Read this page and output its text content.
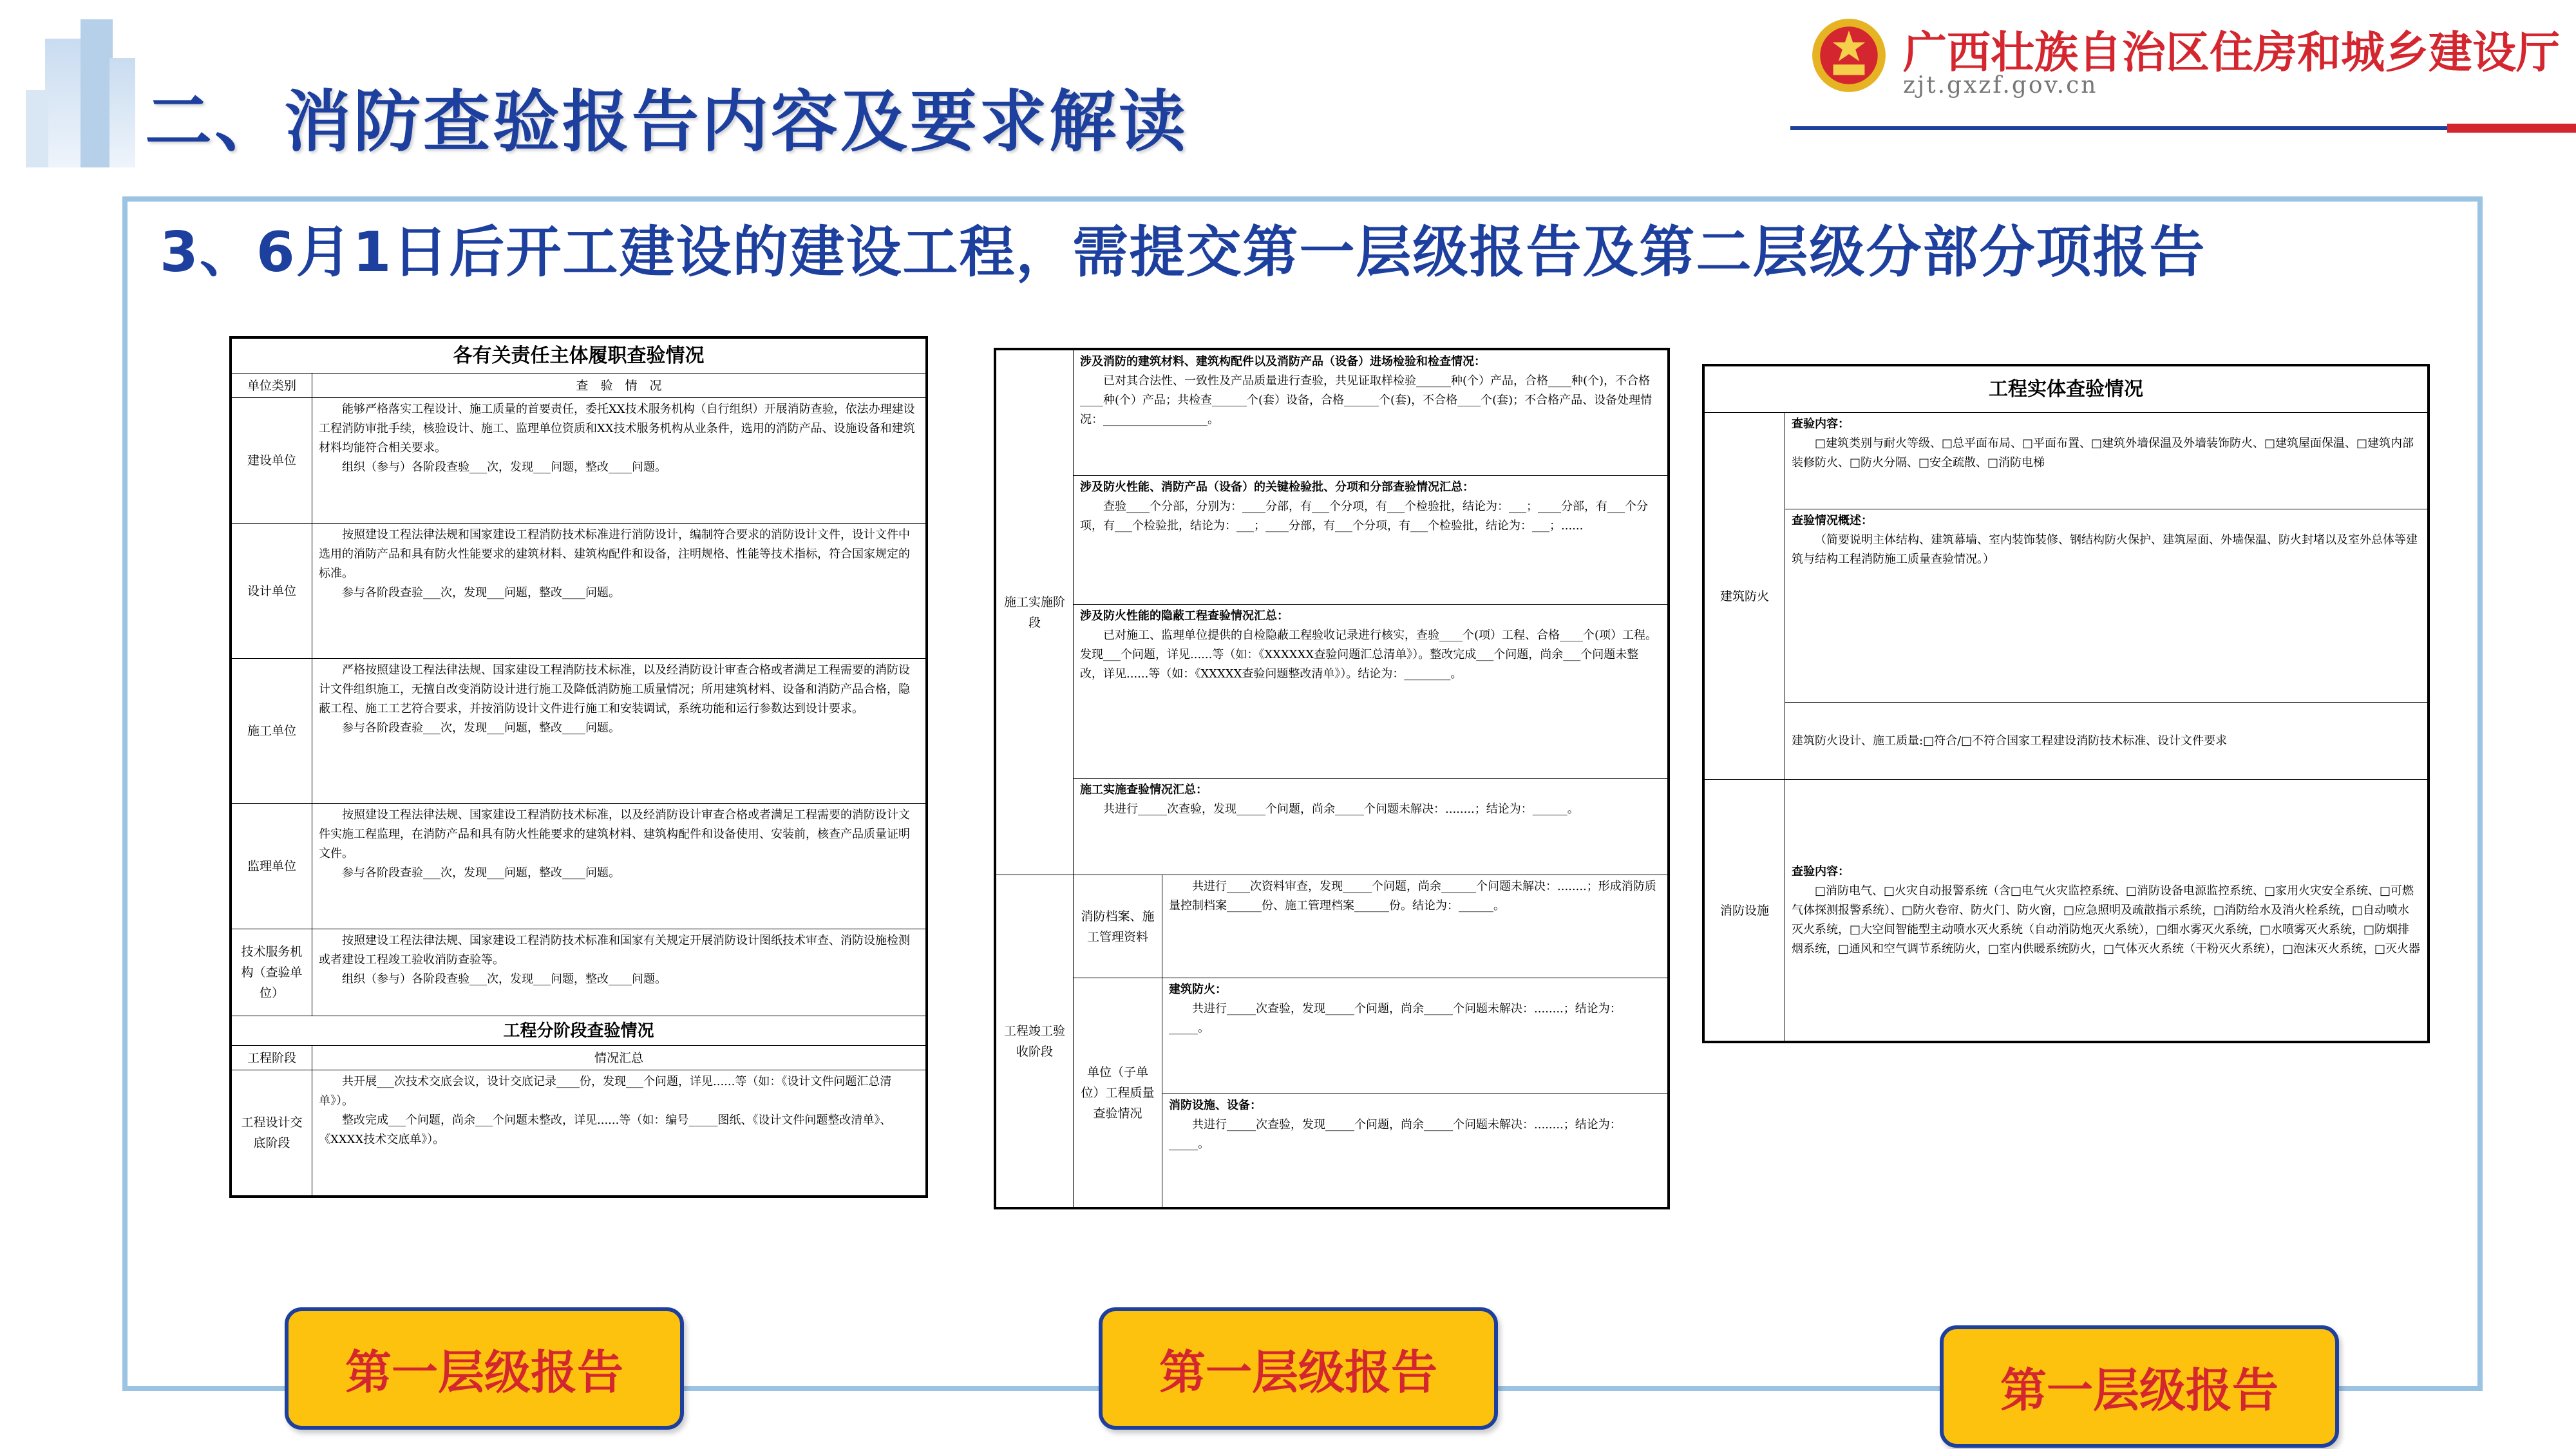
二、消防查验报告内容及要求解读
广西壮族自治区住房和城乡建设厅
zjt.gxzf.gov.cn
3、6月1日后开工建设的建设工程，需提交第一层级报告及第二层级分部分项报告
各有关责任主体履职查验情况	
单位类别	查　验　情　况
建设单位	能够严格落实工程设计、施工质量的首要责任，委托XX技术服务机构（自行组织）开展消防查验，依法办理建设工程消防审批手续，核验设计、施工、监理单位资质和XX技术服务机构从业条件，选用的消防产品、设施设备和建筑材料均能符合相关要求。

组织（参与）各阶段查验___次，发现___问题，整改____问题。

设计单位	按照建设工程法律法规和国家建设工程消防技术标准进行消防设计，编制符合要求的消防设计文件，设计文件中选用的消防产品和具有防火性能要求的建筑材料、建筑构配件和设备，注明规格、性能等技术指标，符合国家规定的标准。

参与各阶段查验___次，发现___问题，整改____问题。

施工单位	严格按照建设工程法律法规、国家建设工程消防技术标准，以及经消防设计审查合格或者满足工程需要的消防设计文件组织施工，无擅自改变消防设计进行施工及降低消防施工质量情况；所用建筑材料、设备和消防产品合格，隐蔽工程、施工工艺符合要求，并按消防设计文件进行施工和安装调试，系统功能和运行参数达到设计要求。

参与各阶段查验___次，发现___问题，整改____问题。

监理单位	按照建设工程法律法规、国家建设工程消防技术标准，以及经消防设计审查合格或者满足工程需要的消防设计文件实施工程监理，在消防产品和具有防火性能要求的建筑材料、建筑构配件和设备使用、安装前，核查产品质量证明文件。

参与各阶段查验___次，发现___问题，整改____问题。

技术服务机构（查验单位）	按照建设工程法律法规、国家建设工程消防技术标准和国家有关规定开展消防设计图纸技术审查、消防设施检测或者建设工程竣工验收消防查验等。

组织（参与）各阶段查验___次，发现___问题，整改____问题。

工程分阶段查验情况	
工程阶段	情况汇总
工程设计交底阶段	共开展___次技术交底会议，设计交底记录____份，发现___个问题，详见......等（如：《设计文件问题汇总清单》）。

整改完成___个问题，尚余___个问题未整改，详见......等（如：编号_____图纸、《设计文件问题整改清单》、《XXXX技术交底单》）。

施工实施阶段	涉及消防的建筑材料、建筑构配件以及消防产品（设备）进场检验和检查情况：

已对其合法性、一致性及产品质量进行查验，共见证取样检验______种(个）产品，合格____种(个)，不合格____种(个）产品；共检查______个(套）设备，合格______个(套)，不合格____个(套)；不合格产品、设备处理情况：__________________。	

	涉及防火性能、消防产品（设备）的关键检验批、分项和分部查验情况汇总：

查验____个分部，分别为：____分部，有___个分项，有___个检验批，结论为：___；____分部，有___个分项，有___个检验批，结论为：___；____分部，有___个分项，有___个检验批，结论为：___；......	

	涉及防火性能的隐蔽工程查验情况汇总：

已对施工、监理单位提供的自检隐蔽工程验收记录进行核实，查验____个(项）工程、合格____个(项）工程。发现___个问题，详见......等（如：《XXXXXX查验问题汇总清单》）。整改完成___个问题，尚余___个问题未整改，详见......等（如：《XXXXX查验问题整改清单》）。结论为：________。	

	施工实施查验情况汇总：

共进行_____次查验，发现_____个问题，尚余_____个问题未解决：........；结论为：______。	

工程竣工验收阶段	消防档案、施工管理资料	共进行____次资料审查，发现_____个问题，尚余______个问题未解决：........；形成消防质量控制档案______份、施工管理档案______份。结论为：______。

	单位（子单位）工程质量查验情况	建筑防火：

共进行_____次查验，发现_____个问题，尚余_____个问题未解决：........；结论为：_____。

		消防设施、设备：

共进行_____次查验，发现_____个问题，尚余_____个问题未解决：........；结论为：_____。

工程实体查验情况	
建筑防火	查验内容：

□建筑类别与耐火等级、□总平面布局、□平面布置、□建筑外墙保温及外墙装饰防火、□建筑屋面保温、□建筑内部装修防火、□防火分隔、□安全疏散、□消防电梯

	查验情况概述：

（简要说明主体结构、建筑幕墙、室内装饰装修、钢结构防火保护、建筑屋面、外墙保温、防火封堵以及室外总体等建筑与结构工程消防施工质量查验情况。）

	建筑防火设计、施工质量:□符合/□不符合国家工程建设消防技术标准、设计文件要求
消防设施	查验内容：

□消防电气、□火灾自动报警系统（含□电气火灾监控系统、□消防设备电源监控系统、□家用火灾安全系统、□可燃气体探测报警系统）、□防火卷帘、防火门、防火窗，□应急照明及疏散指示系统，□消防给水及消火栓系统，□自动喷水灭火系统，□大空间智能型主动喷水灭火系统（自动消防炮灭火系统），□细水雾灭火系统，□水喷雾灭火系统，□防烟排烟系统，□通风和空气调节系统防火，□室内供暖系统防火，□气体灭火系统（干粉灭火系统），□泡沫灭火系统，□灭火器

第一层级报告	第一层级报告	第一层级报告
